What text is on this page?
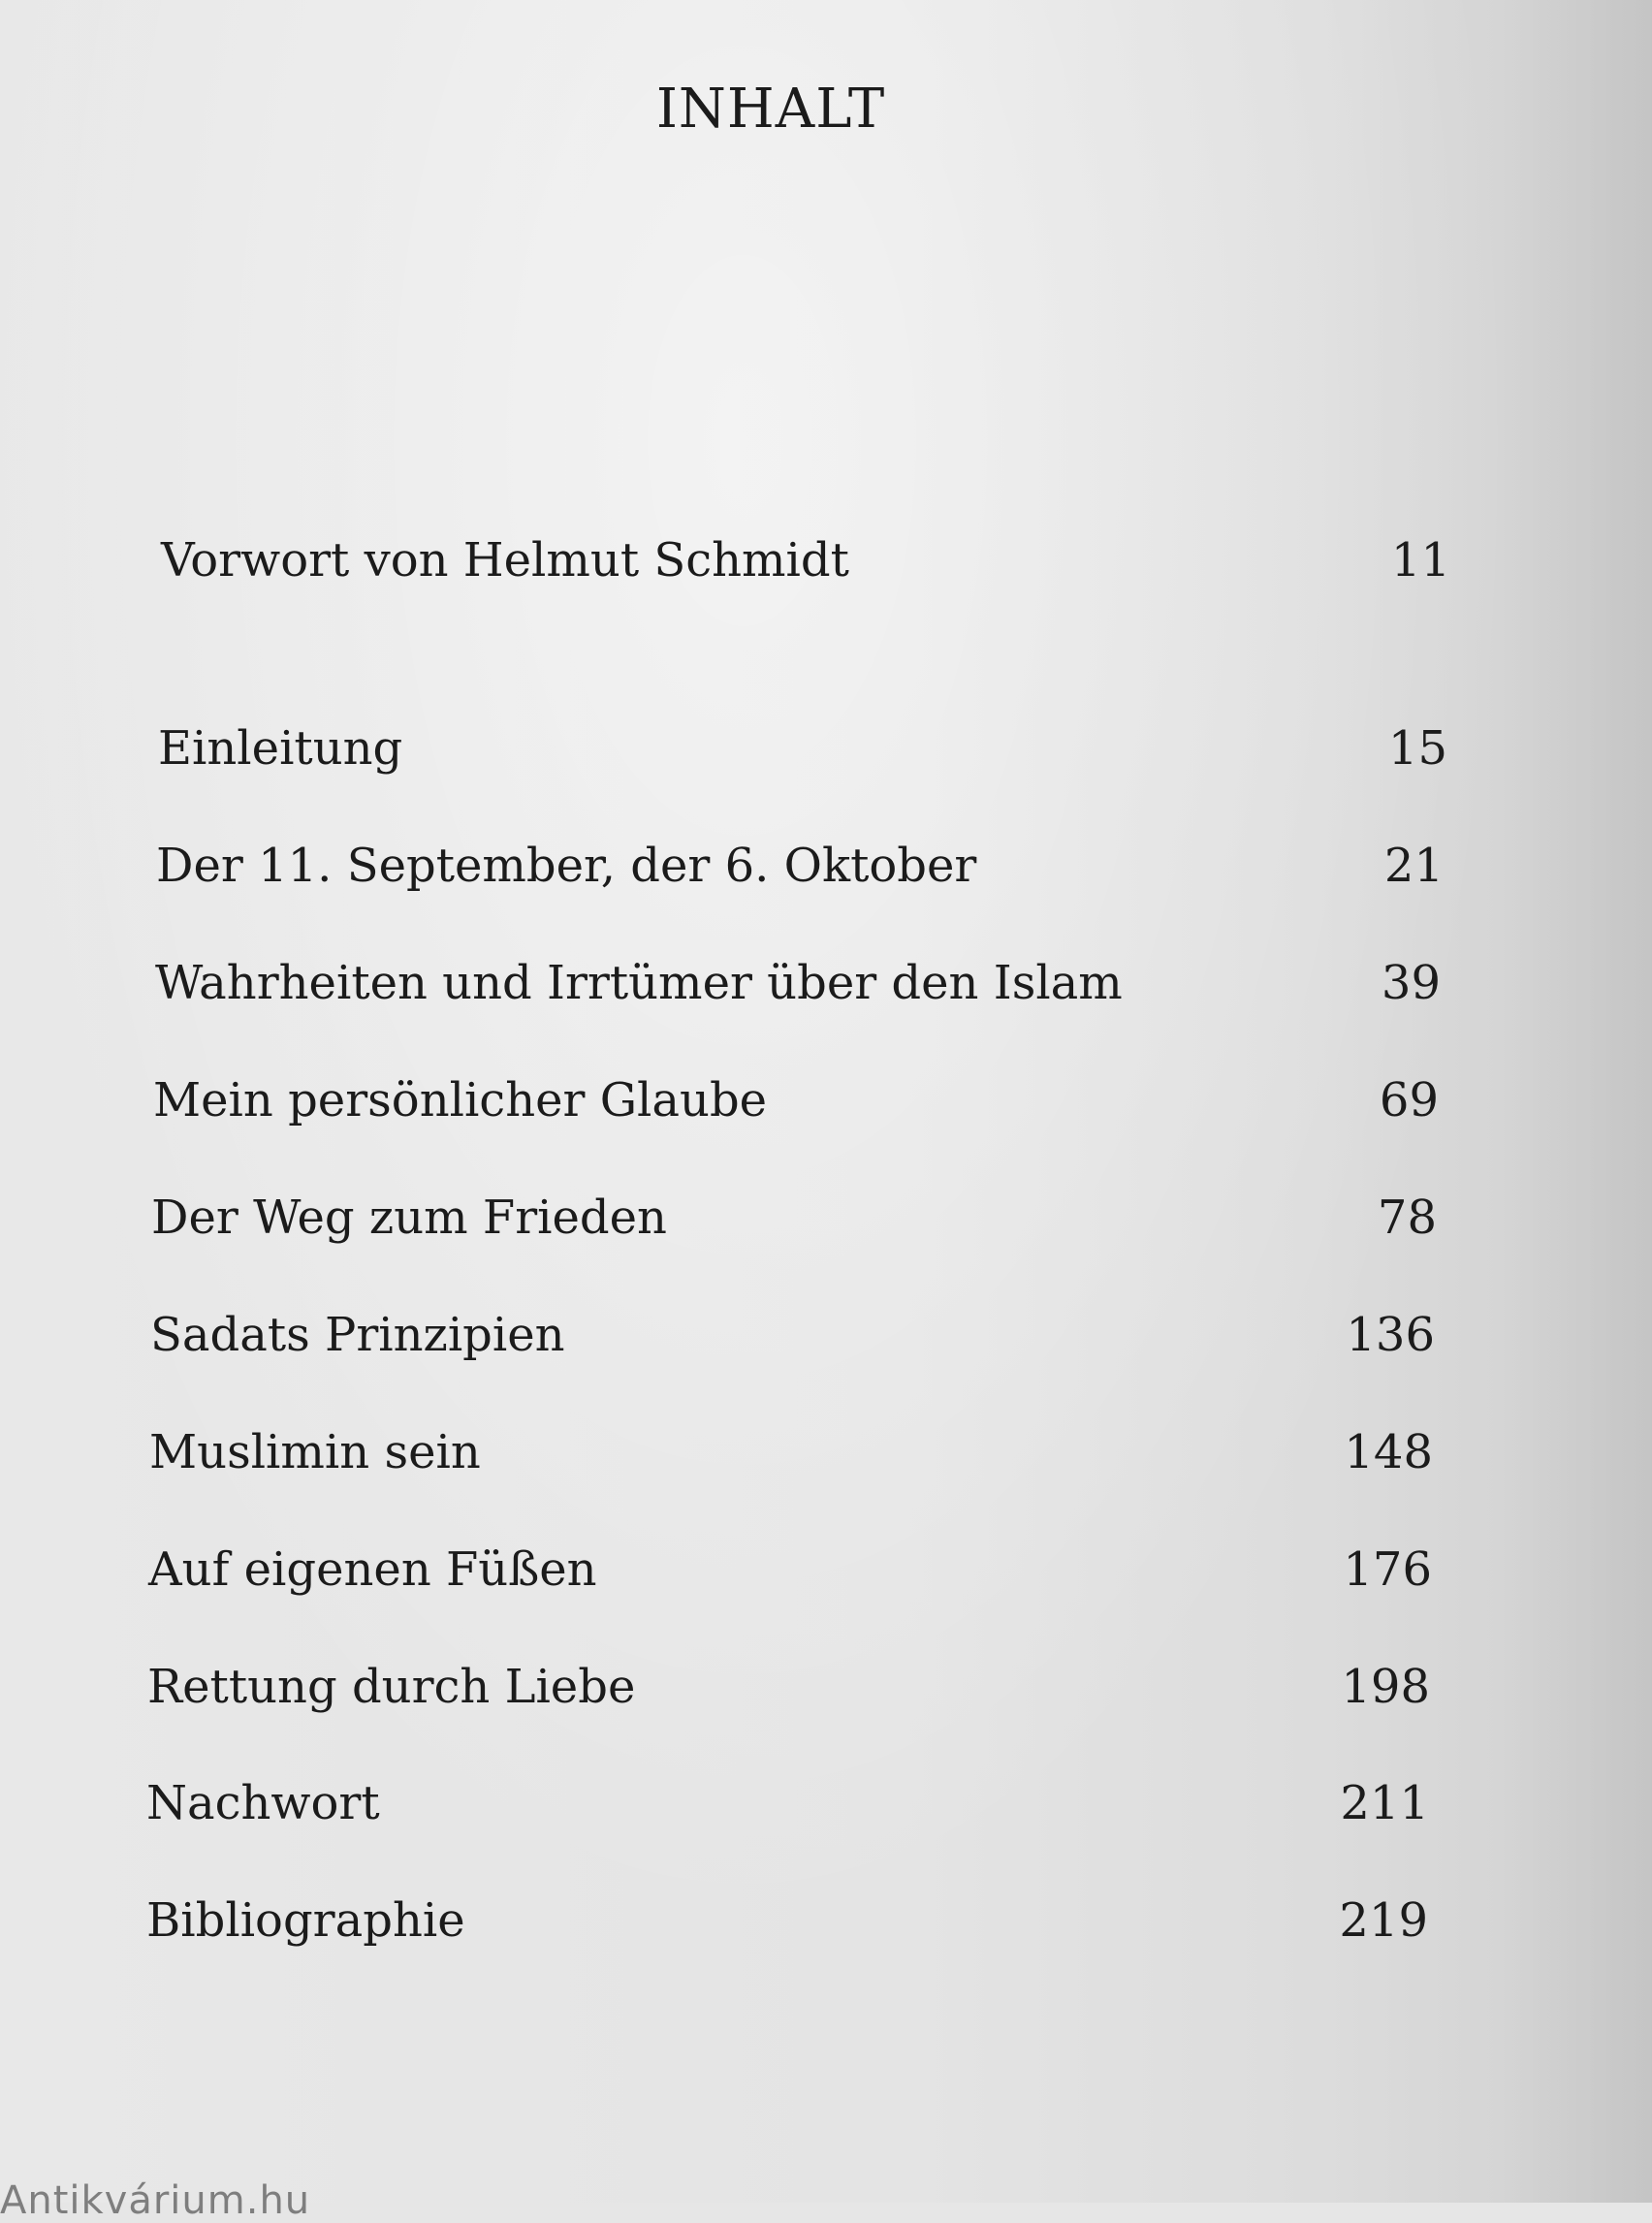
INHALT
Vorwort von Helmut Schmidt	11
Einleitung	15
Der 11. September, der 6. Oktober	21
Wahrheiten und Irrtümer über den Islam	39
Mein persönlicher Glaube	69
Der Weg zum Frieden	78
Sadats Prinzipien	136
Muslimin sein	148
Auf eigenen Füßen	176
Rettung durch Liebe	198
Nachwort	211
Bibliographie	219
Antikvárium.hu
